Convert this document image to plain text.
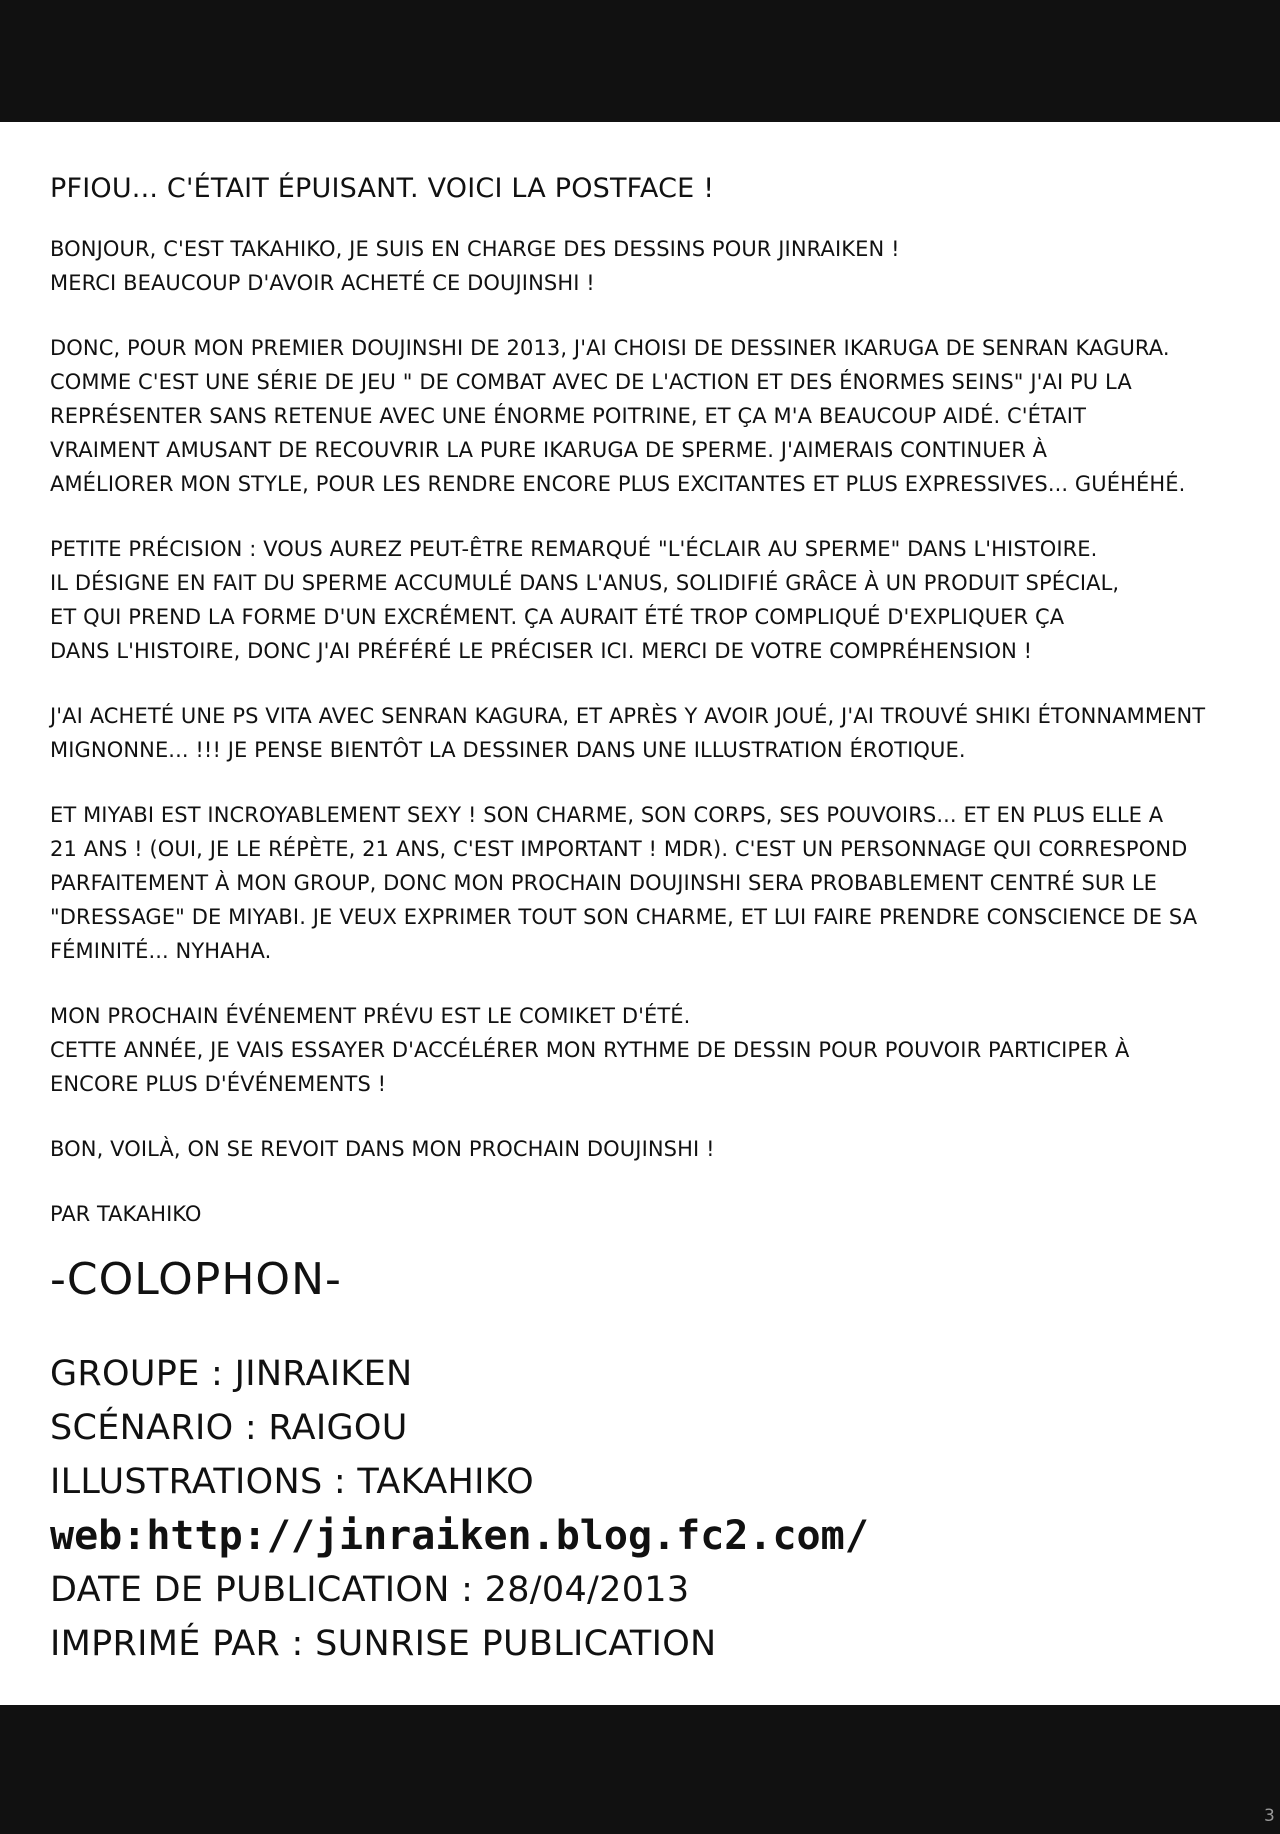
PFIOU... C'ÉTAIT ÉPUISANT. VOICI LA POSTFACE !
BONJOUR, C'EST TAKAHIKO, JE SUIS EN CHARGE DES DESSINS POUR JINRAIKEN !
MERCI BEAUCOUP D'AVOIR ACHETÉ CE DOUJINSHI !
DONC, POUR MON PREMIER DOUJINSHI DE 2013, J'AI CHOISI DE DESSINER IKARUGA DE SENRAN KAGURA.
COMME C'EST UNE SÉRIE DE JEU " DE COMBAT AVEC DE L'ACTION ET DES ÉNORMES SEINS" J'AI PU LA
REPRÉSENTER SANS RETENUE AVEC UNE ÉNORME POITRINE, ET ÇA M'A BEAUCOUP AIDÉ. C'ÉTAIT
VRAIMENT AMUSANT DE RECOUVRIR LA PURE IKARUGA DE SPERME. J'AIMERAIS CONTINUER À
AMÉLIORER MON STYLE, POUR LES RENDRE ENCORE PLUS EXCITANTES ET PLUS EXPRESSIVES... GUÉHÉHÉ.
PETITE PRÉCISION : VOUS AUREZ PEUT-ÊTRE REMARQUÉ "L'ÉCLAIR AU SPERME" DANS L'HISTOIRE.
IL DÉSIGNE EN FAIT DU SPERME ACCUMULÉ DANS L'ANUS, SOLIDIFIÉ GRÂCE À UN PRODUIT SPÉCIAL,
ET QUI PREND LA FORME D'UN EXCRÉMENT. ÇA AURAIT ÉTÉ TROP COMPLIQUÉ D'EXPLIQUER ÇA
DANS L'HISTOIRE, DONC J'AI PRÉFÉRÉ LE PRÉCISER ICI. MERCI DE VOTRE COMPRÉHENSION !
J'AI ACHETÉ UNE PS VITA AVEC SENRAN KAGURA, ET APRÈS Y AVOIR JOUÉ, J'AI TROUVÉ SHIKI ÉTONNAMMENT
MIGNONNE... !!! JE PENSE BIENTÔT LA DESSINER DANS UNE ILLUSTRATION ÉROTIQUE.
ET MIYABI EST INCROYABLEMENT SEXY ! SON CHARME, SON CORPS, SES POUVOIRS... ET EN PLUS ELLE A
21 ANS ! (OUI, JE LE RÉPÈTE, 21 ANS, C'EST IMPORTANT ! MDR). C'EST UN PERSONNAGE QUI CORRESPOND
PARFAITEMENT À MON GROUP, DONC MON PROCHAIN DOUJINSHI SERA PROBABLEMENT CENTRÉ SUR LE
"DRESSAGE" DE MIYABI. JE VEUX EXPRIMER TOUT SON CHARME, ET LUI FAIRE PRENDRE CONSCIENCE DE SA
FÉMINITÉ... NYHAHA.
MON PROCHAIN ÉVÉNEMENT PRÉVU EST LE COMIKET D'ÉTÉ.
CETTE ANNÉE, JE VAIS ESSAYER D'ACCÉLÉRER MON RYTHME DE DESSIN POUR POUVOIR PARTICIPER À
ENCORE PLUS D'ÉVÉNEMENTS !
BON, VOILÀ, ON SE REVOIT DANS MON PROCHAIN DOUJINSHI !
PAR TAKAHIKO
-COLOPHON-
GROUPE : JINRAIKEN
SCÉNARIO : RAIGOU
ILLUSTRATIONS : TAKAHIKO
web:http://jinraiken.blog.fc2.com/
DATE DE PUBLICATION : 28/04/2013
IMPRIMÉ PAR : SUNRISE PUBLICATION
3
